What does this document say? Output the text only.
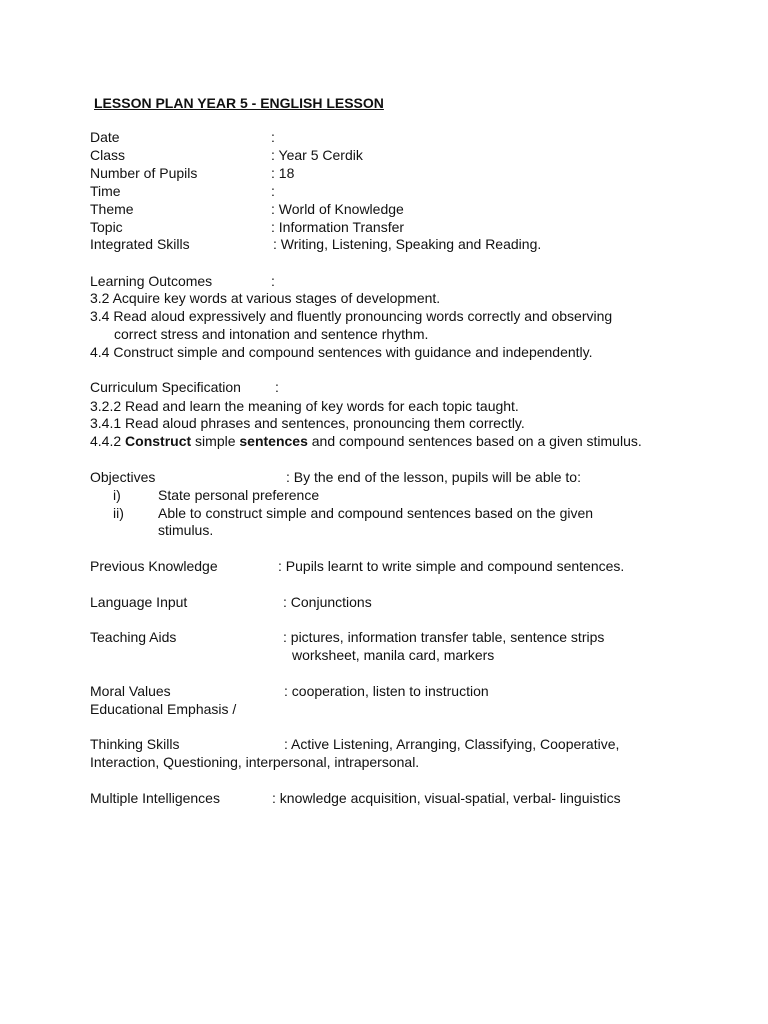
LESSON PLAN YEAR 5 - ENGLISH LESSON
Date	:
Class	: Year 5 Cerdik
Number of Pupils	: 18
Time	:
Theme	: World of Knowledge
Topic	: Information Transfer
Integrated Skills	: Writing, Listening, Speaking and Reading.
Learning Outcomes	:
3.2 Acquire key words at various stages of development.
3.4 Read aloud expressively and fluently pronouncing words correctly and observing
correct stress and intonation and sentence rhythm.
4.4 Construct simple and compound sentences with guidance and independently.
Curriculum Specification :
3.2.2 Read and learn the meaning of key words for each topic taught.
3.4.1 Read aloud phrases and sentences, pronouncing them correctly.
4.4.2 Construct simple sentences and compound sentences based on a given stimulus.
Objectives	: By the end of the lesson, pupils will be able to:
i)	State personal preference
ii) Able to construct simple and compound sentences based on the given
stimulus.
Previous Knowledge	: Pupils learnt to write simple and compound sentences.
Language Input	: Conjunctions
Teaching Aids	: pictures, information transfer table, sentence strips
worksheet, manila card, markers
Moral Values	: cooperation, listen to instruction
Educational Emphasis /
Thinking Skills	: Active Listening, Arranging, Classifying, Cooperative,
Interaction, Questioning, interpersonal, intrapersonal.
Multiple Intelligences	: knowledge acquisition, visual-spatial, verbal- linguistics
